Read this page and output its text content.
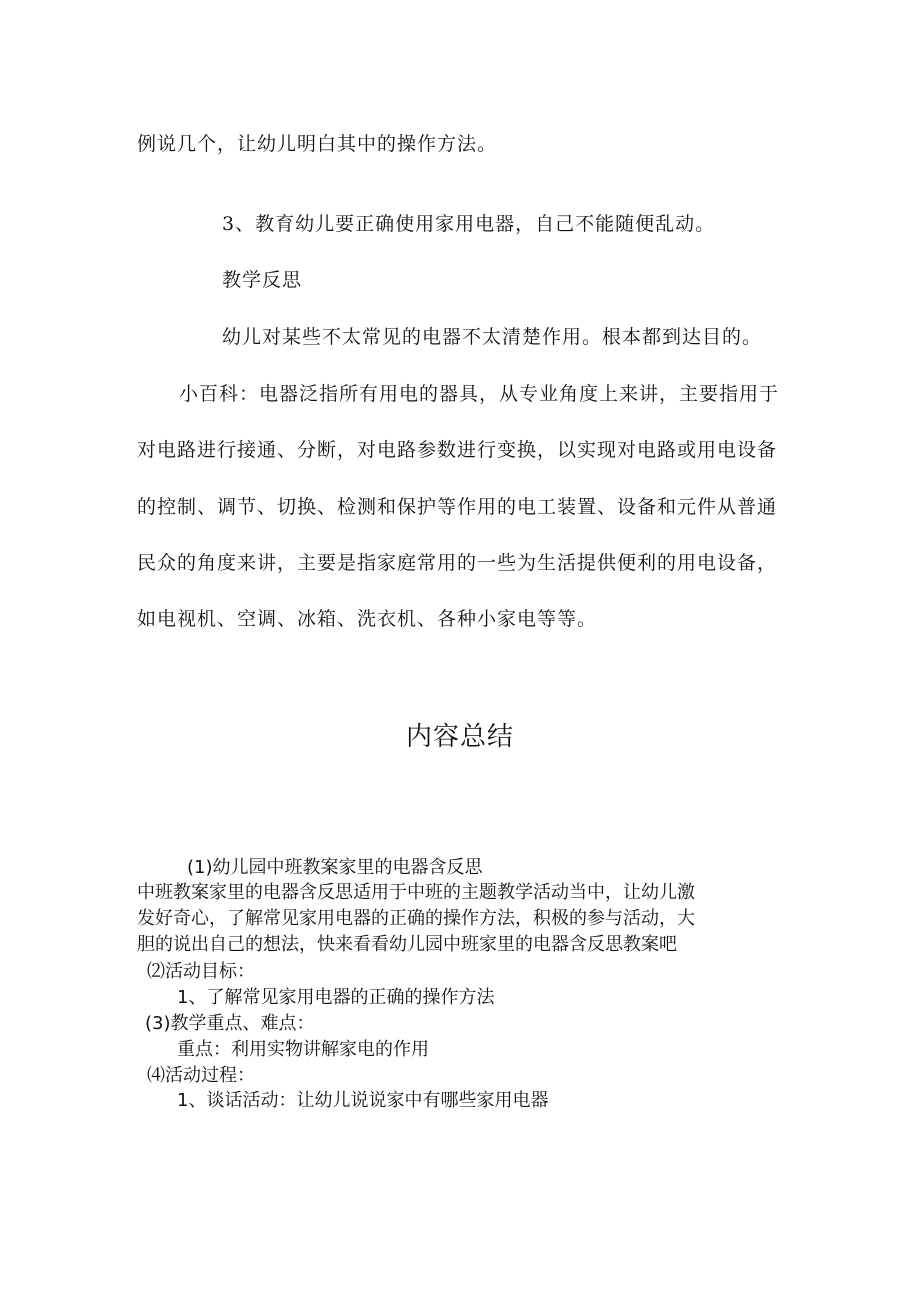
例说几个，让幼儿明白其中的操作方法。

3、教育幼儿要正确使用家用电器，自己不能随便乱动。

教学反思

幼儿对某些不太常见的电器不太清楚作用。根本都到达目的。

小百科：电器泛指所有用电的器具，从专业角度上来讲，主要指用于

对电路进行接通、分断，对电路参数进行变换，以实现对电路或用电设备

的控制、调节、切换、检测和保护等作用的电工装置、设备和元件从普通

民众的角度来讲，主要是指家庭常用的一些为生活提供便利的用电设备，

如电视机、空调、冰箱、洗衣机、各种小家电等等。

内容总结

(1)幼儿园中班教案家里的电器含反思

中班教案家里的电器含反思适用于中班的主题教学活动当中，让幼儿激

发好奇心，了解常见家用电器的正确的操作方法，积极的参与活动，大

胆的说出自己的想法，快来看看幼儿园中班家里的电器含反思教案吧

⑵活动目标：

1、了解常见家用电器的正确的操作方法

(3)教学重点、难点：

重点：利用实物讲解家电的作用

⑷活动过程：

1、谈话活动：让幼儿说说家中有哪些家用电器
